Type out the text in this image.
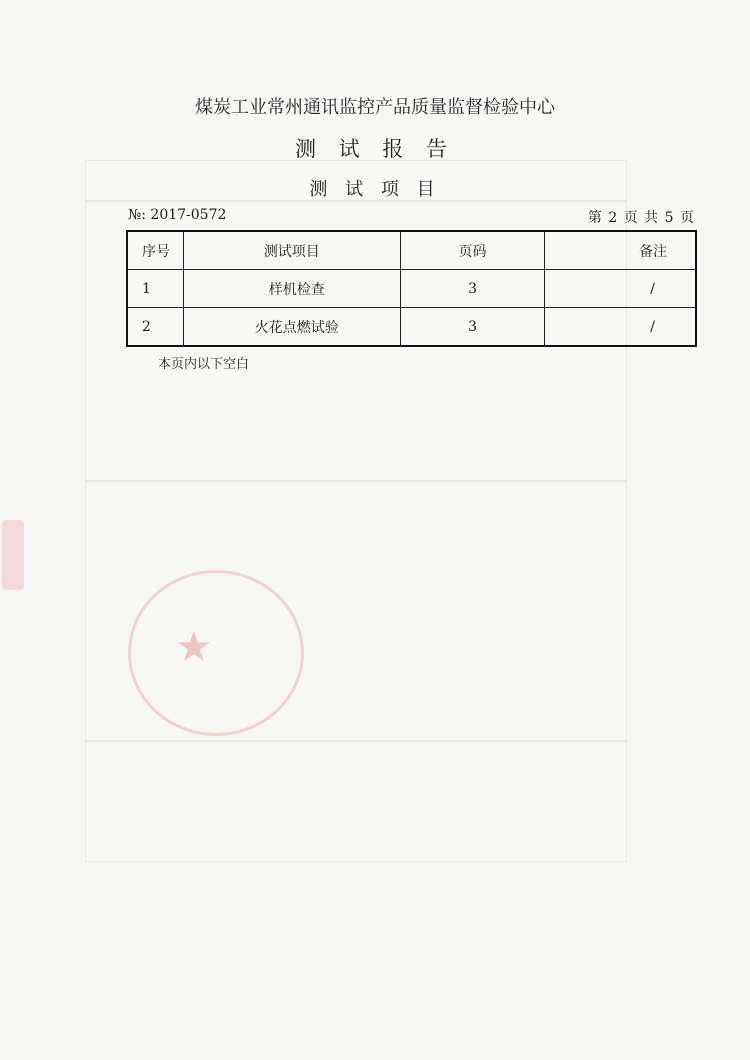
★
煤炭工业常州通讯监控产品质量监督检验中心
测 试 报 告
测 试 项 目
№: 2017-0572	第 2 页 共 5 页
序号	测试项目	页码	备注
1	样机检查	3	/
2	火花点燃试验	3	/
本页内以下空白
